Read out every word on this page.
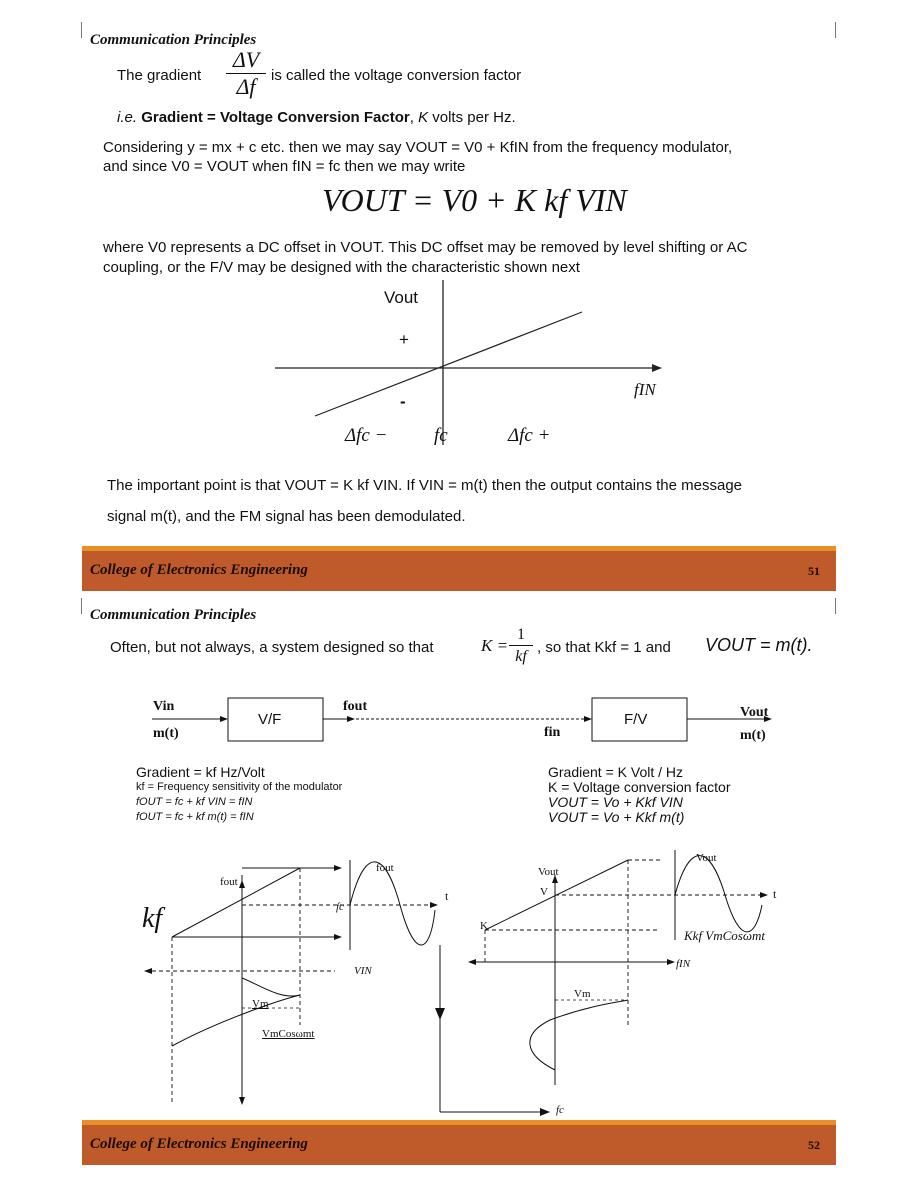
Communication Principles
The gradient
ΔV
Δf	is called the voltage conversion factor
i.e. Gradient = Voltage Conversion Factor, K volts per Hz.
Considering y = mx + c etc. then we may say VOUT = V0 + KfIN from the frequency modulator,
and since V0 = VOUT when fIN = fc then we may write
VOUT = V0 + K kf VIN
where V0 represents a DC offset in VOUT. This DC offset may be removed by level shifting or AC
coupling, or the F/V may be designed with the characteristic shown next
Vout
+
-
fIN
Δfc − fc	Δfc +
The important point is that VOUT = K kf VIN. If VIN = m(t) then the output contains the message
signal m(t), and the FM signal has been demodulated.
College of Electronics Engineering	51
Communication Principles
Often, but not always, a system designed so that	K =
1
kf
, so that Kkf = 1 and VOUT = m(t).
Vin
m(t)
V/F
fout
fin
F/V	Vout
m(t)
Gradient = kf Hz/Volt
kf = Frequency sensitivity of the modulator
fOUT = fc + kf VIN = fIN
fOUT = fc + kf m(t) = fIN
Gradient = K Volt / Hz
K = Voltage conversion factor
VOUT = Vo + Kkf VIN
VOUT = Vo + Kkf m(t)
kf
fout
fout
fc
t
VIN
Vm
VmCosωmt
Vout
V
Vout
t
K
Kkf VmCosωmt
fIN
Vm
fc
College of Electronics Engineering	52
